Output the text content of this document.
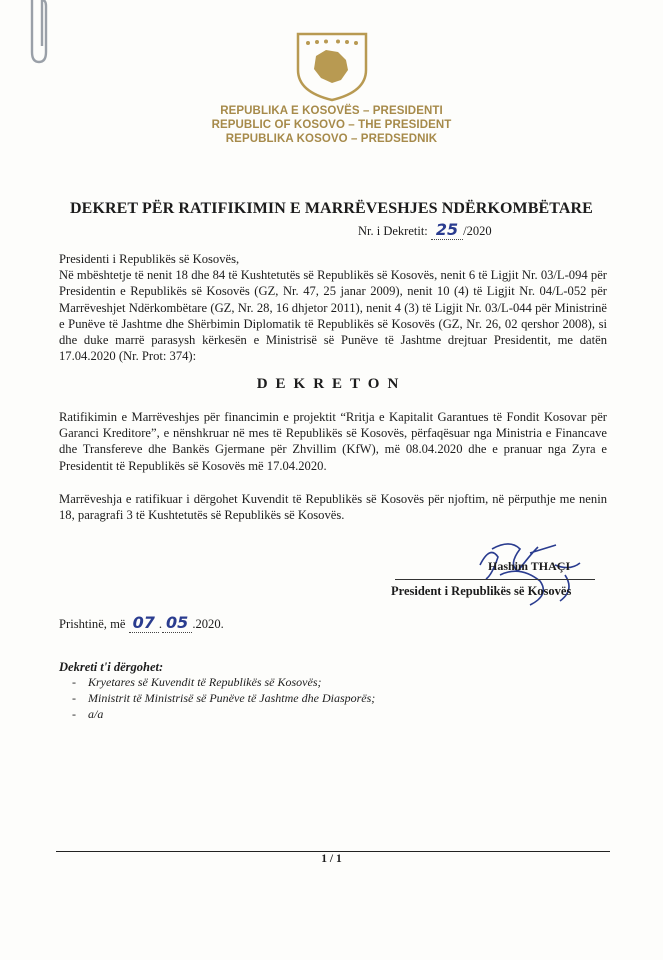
REPUBLIKA E KOSOVËS – PRESIDENTI
REPUBLIC OF KOSOVO – THE PRESIDENT
REPUBLIKA KOSOVO – PREDSEDNIK
DEKRET PËR RATIFIKIMIN E MARRËVESHJES NDËRKOMBËTARE
Nr. i Dekretit: 25 /2020
Presidenti i Republikës së Kosovës,
Në mbështetje të nenit 18 dhe 84 të Kushtetutës së Republikës së Kosovës, nenit 6 të Ligjit Nr. 03/L-094 për Presidentin e Republikës së Kosovës (GZ, Nr. 47, 25 janar 2009), nenit 10 (4) të Ligjit Nr. 04/L-052 për Marrëveshjet Ndërkombëtare (GZ, Nr. 28, 16 dhjetor 2011), nenit 4 (3) të Ligjit Nr. 03/L-044 për Ministrinë e Punëve të Jashtme dhe Shërbimin Diplomatik të Republikës së Kosovës (GZ, Nr. 26, 02 qershor 2008), si dhe duke marrë parasysh kërkesën e Ministrisë së Punëve të Jashtme drejtuar Presidentit, me datën 17.04.2020 (Nr. Prot: 374):
DEKRETON
Ratifikimin e Marrëveshjes për financimin e projektit “Rritja e Kapitalit Garantues të Fondit Kosovar për Garanci Kreditore”, e nënshkruar në mes të Republikës së Kosovës, përfaqësuar nga Ministria e Financave dhe Transfereve dhe Bankës Gjermane për Zhvillim (KfW), më 08.04.2020 dhe e pranuar nga Zyra e Presidentit të Republikës së Kosovës më 17.04.2020.
Marrëveshja e ratifikuar i dërgohet Kuvendit të Republikës së Kosovës për njoftim, në përputhje me nenin 18, paragrafi 3 të Kushtetutës së Republikës së Kosovës.
Hashim THAÇI
President i Republikës së Kosovës
Prishtinë, më 07 . 05 .2020.
Dekreti t'i dërgohet:
- Kryetares së Kuvendit të Republikës së Kosovës;
- Ministrit të Ministrisë së Punëve të Jashtme dhe Diasporës;
- a/a
1 / 1
